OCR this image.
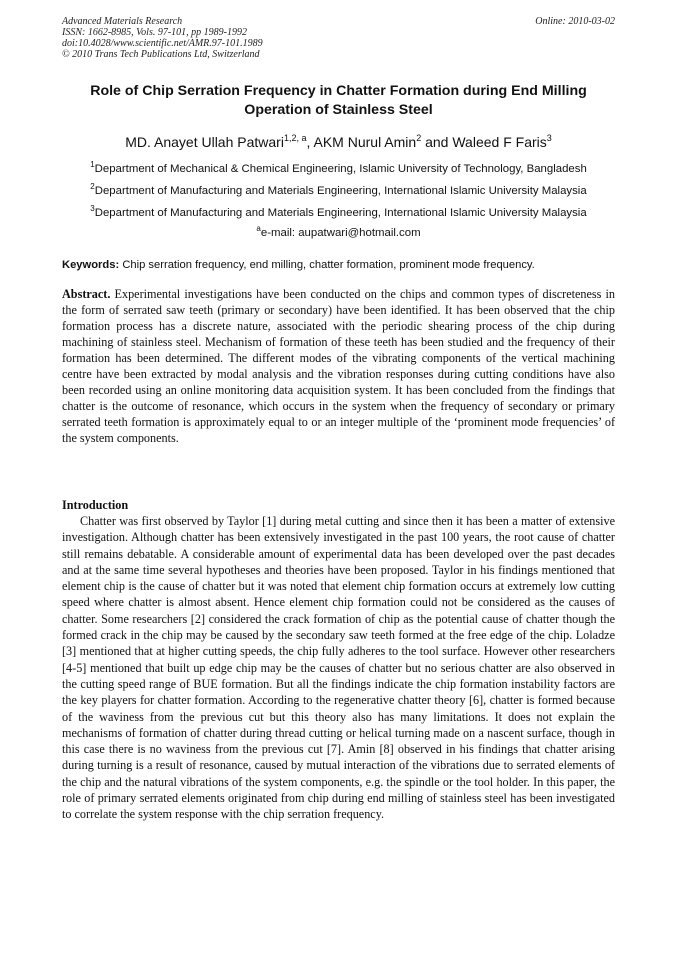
Advanced Materials Research
ISSN: 1662-8985, Vols. 97-101, pp 1989-1992
doi:10.4028/www.scientific.net/AMR.97-101.1989
© 2010 Trans Tech Publications Ltd, Switzerland
Online: 2010-03-02
Role of Chip Serration Frequency in Chatter Formation during End Milling Operation of Stainless Steel
MD. Anayet Ullah Patwari$^{1,2, a}$, AKM Nurul Amin$^2$ and Waleed F Faris$^3$
$^1$Department of Mechanical & Chemical Engineering, Islamic University of Technology, Bangladesh
$^2$Department of Manufacturing and Materials Engineering, International Islamic University Malaysia
$^3$Department of Manufacturing and Materials Engineering, International Islamic University Malaysia
$^a$e-mail: aupatwari@hotmail.com
Keywords: Chip serration frequency, end milling, chatter formation, prominent mode frequency.
Abstract. Experimental investigations have been conducted on the chips and common types of discreteness in the form of serrated saw teeth (primary or secondary) have been identified. It has been observed that the chip formation process has a discrete nature, associated with the periodic shearing process of the chip during machining of stainless steel. Mechanism of formation of these teeth has been studied and the frequency of their formation has been determined. The different modes of the vibrating components of the vertical machining centre have been extracted by modal analysis and the vibration responses during cutting conditions have also been recorded using an online monitoring data acquisition system. It has been concluded from the findings that chatter is the outcome of resonance, which occurs in the system when the frequency of secondary or primary serrated teeth formation is approximately equal to or an integer multiple of the ‘prominent mode frequencies’ of the system components.
Introduction
Chatter was first observed by Taylor [1] during metal cutting and since then it has been a matter of extensive investigation. Although chatter has been extensively investigated in the past 100 years, the root cause of chatter still remains debatable. A considerable amount of experimental data has been developed over the past decades and at the same time several hypotheses and theories have been proposed. Taylor in his findings mentioned that element chip is the cause of chatter but it was noted that element chip formation occurs at extremely low cutting speed where chatter is almost absent. Hence element chip formation could not be considered as the causes of chatter. Some researchers [2] considered the crack formation of chip as the potential cause of chatter though the formed crack in the chip may be caused by the secondary saw teeth formed at the free edge of the chip. Loladze [3] mentioned that at higher cutting speeds, the chip fully adheres to the tool surface. However other researchers [4-5] mentioned that built up edge chip may be the causes of chatter but no serious chatter are also observed in the cutting speed range of BUE formation. But all the findings indicate the chip formation instability factors are the key players for chatter formation. According to the regenerative chatter theory [6], chatter is formed because of the waviness from the previous cut but this theory also has many limitations. It does not explain the mechanisms of formation of chatter during thread cutting or helical turning made on a nascent surface, though in this case there is no waviness from the previous cut [7]. Amin [8] observed in his findings that chatter arising during turning is a result of resonance, caused by mutual interaction of the vibrations due to serrated elements of the chip and the natural vibrations of the system components, e.g. the spindle or the tool holder. In this paper, the role of primary serrated elements originated from chip during end milling of stainless steel has been investigated to correlate the system response with the chip serration frequency.
